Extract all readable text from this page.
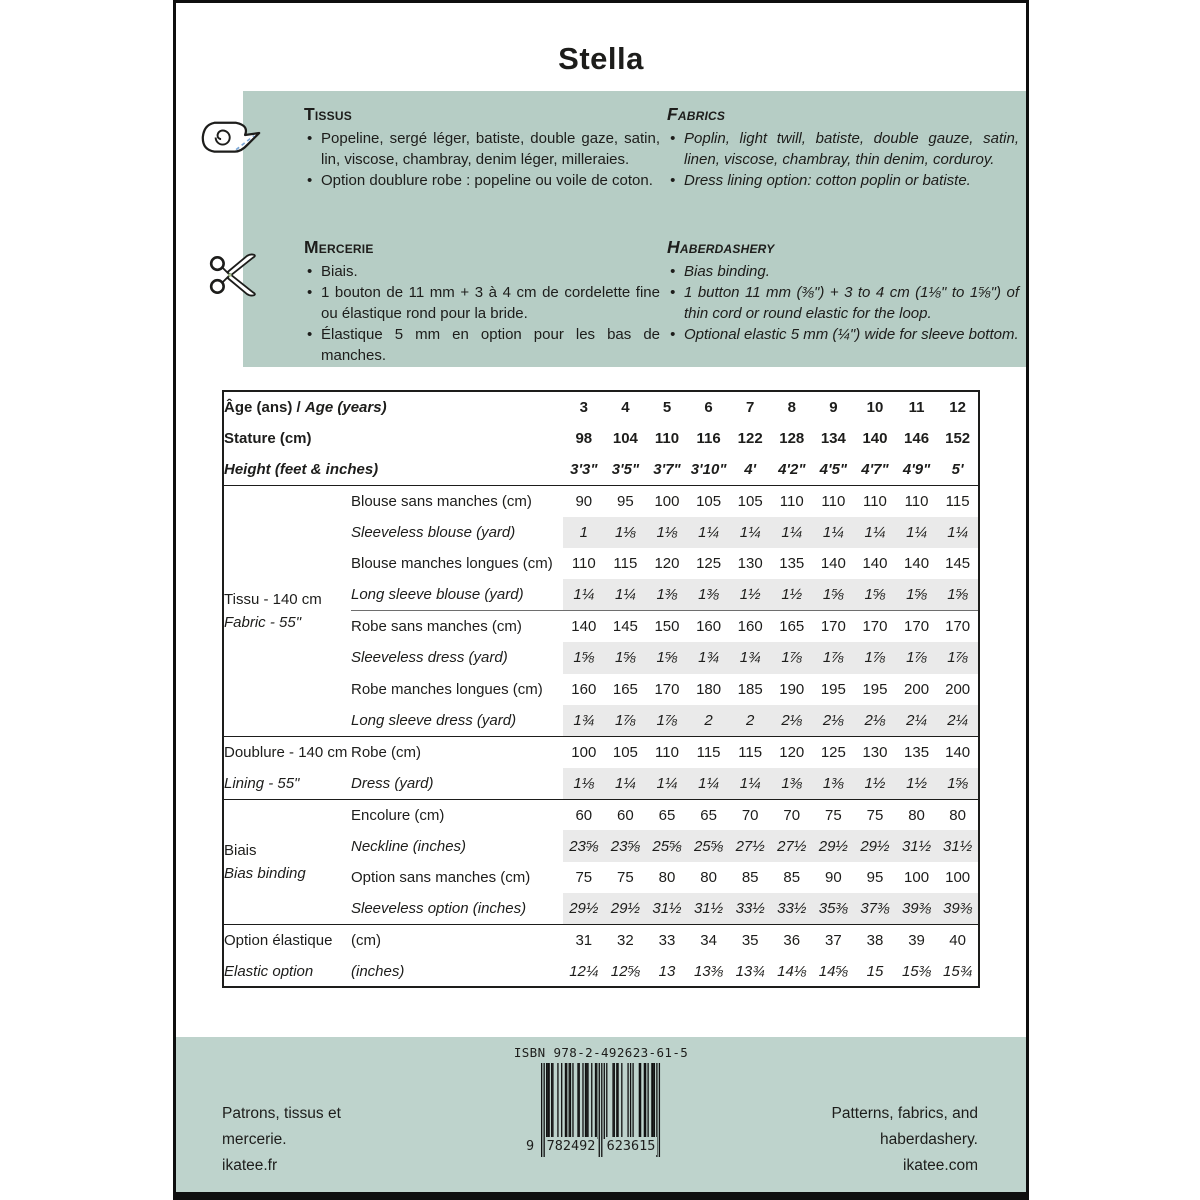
Stella
Tissus
• Popeline, sergé léger, batiste, double gaze, satin, lin, viscose, chambray, denim léger, milleraies.
• Option doublure robe : popeline ou voile de coton.
Fabrics
• Poplin, light twill, batiste, double gauze, satin, linen, viscose, chambray, thin denim, corduroy.
• Dress lining option: cotton poplin or batiste.
Mercerie
• Biais.
• 1 bouton de 11 mm + 3 à 4 cm de cordelette fine ou élastique rond pour la bride.
• Élastique 5 mm en option pour les bas de manches.
Haberdashery
• Bias binding.
• 1 button 11 mm (⅜") + 3 to 4 cm (1⅛" to 1⅝") of thin cord or round elastic for the loop.
• Optional elastic 5 mm (¼") wide for sleeve bottom.
Âge (ans) / Age (years)		3	4	5	6	7	8	9	10	11	12
Stature (cm)		98	104	110	116	122	128	134	140	146	152
Height (feet & inches)		3'3"	3'5"	3'7"	3'10"	4'	4'2"	4'5"	4'7"	4'9"	5'

Tissu - 140 cm
Fabric - 55"	Blouse sans manches (cm)	90	95	100	105	105	110	110	110	110	115
	Sleeveless blouse (yard)	1	1⅛	1⅛	1¼	1¼	1¼	1¼	1¼	1¼	1¼
	Blouse manches longues (cm)	110	115	120	125	130	135	140	140	140	145
	Long sleeve blouse (yard)	1¼	1¼	1⅜	1⅜	1½	1½	1⅝	1⅝	1⅝	1⅝
	Robe sans manches (cm)	140	145	150	160	160	165	170	170	170	170
	Sleeveless dress (yard)	1⅝	1⅝	1⅝	1¾	1¾	1⅞	1⅞	1⅞	1⅞	1⅞
	Robe manches longues (cm)	160	165	170	180	185	190	195	195	200	200
	Long sleeve dress (yard)	1¾	1⅞	1⅞	2	2	2⅛	2⅛	2⅛	2¼	2¼
Doublure - 140 cm	Robe (cm)	100	105	110	115	115	120	125	130	135	140
Lining - 55"	Dress (yard)	1⅛	1¼	1¼	1¼	1¼	1⅜	1⅜	1½	1½	1⅝

Biais
Bias binding	Encolure (cm)	60	60	65	65	70	70	75	75	80	80
	Neckline (inches)	23⅝	23⅝	25⅝	25⅝	27½	27½	29½	29½	31½	31½
	Option sans manches (cm)	75	75	80	80	85	85	90	95	100	100
	Sleeveless option (inches)	29½	29½	31½	31½	33½	33½	35⅜	37⅜	39⅜	39⅜
Option élastique	(cm)	31	32	33	34	35	36	37	38	39	40
Elastic option	(inches)	12¼	12⅝	13	13⅜	13¾	14⅛	14⅝	15	15⅜	15¾
Patrons, tissus et
mercerie.
ikatee.fr
Patterns, fabrics, and
haberdashery.
ikatee.com
ISBN 978-2-492623-61-5
9 782492 623615
